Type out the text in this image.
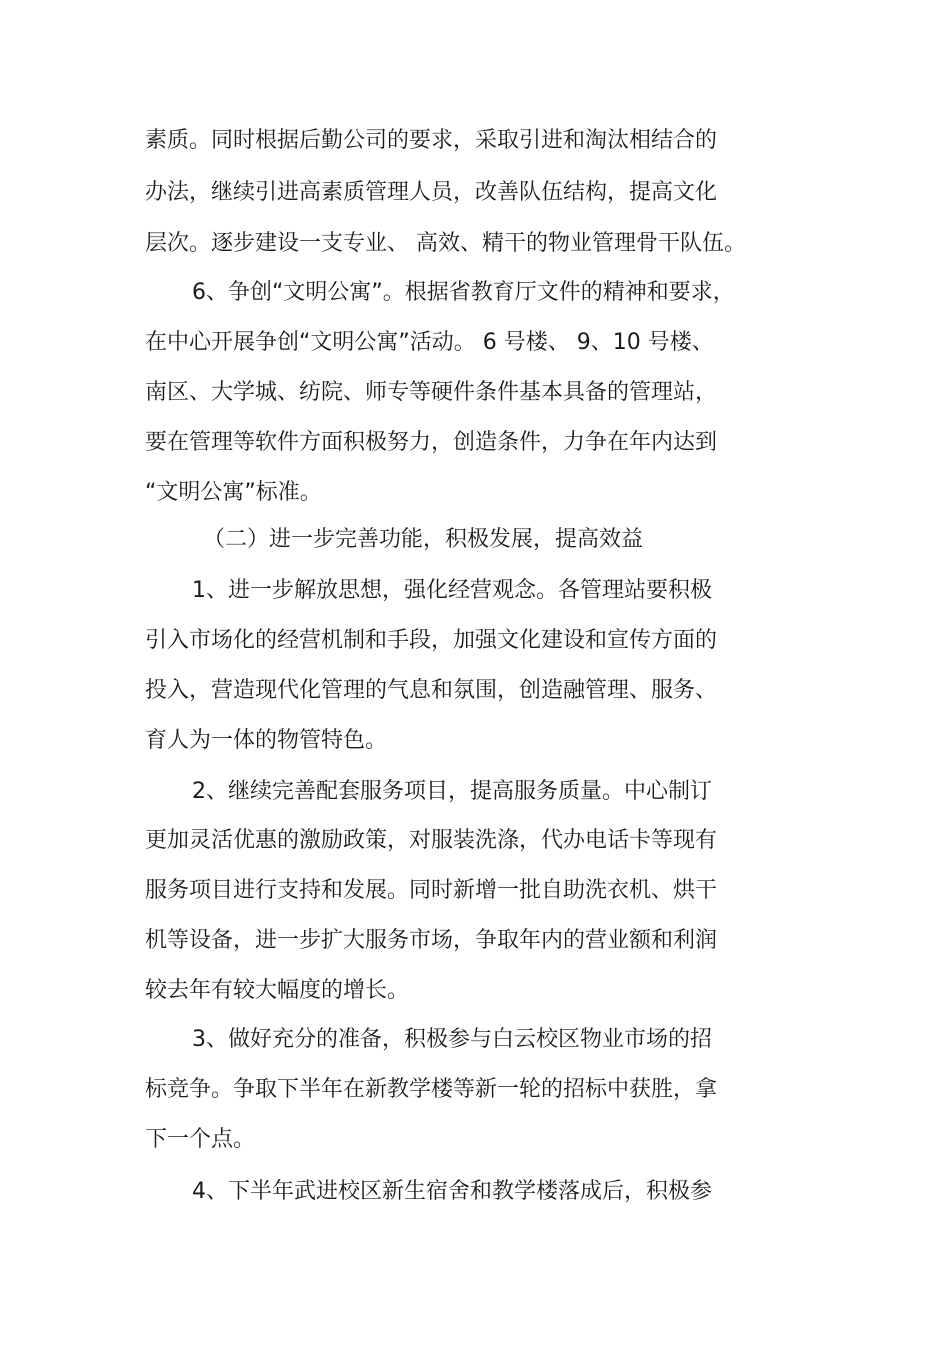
素质。同时根据后勤公司的要求，采取引进和淘汰相结合的
办法，继续引进高素质管理人员，改善队伍结构，提高文化
层次。逐步建设一支专业、 高效、精干的物业管理骨干队伍。
6、争创“文明公寓”。根据省教育厅文件的精神和要求，
在中心开展争创“文明公寓”活动。 6 号楼、 9、10 号楼、
南区、大学城、纺院、师专等硬件条件基本具备的管理站，
要在管理等软件方面积极努力，创造条件，力争在年内达到
“文明公寓”标准。
（二）进一步完善功能，积极发展，提高效益
1、进一步解放思想，强化经营观念。各管理站要积极
引入市场化的经营机制和手段，加强文化建设和宣传方面的
投入，营造现代化管理的气息和氛围，创造融管理、服务、
育人为一体的物管特色。
2、继续完善配套服务项目，提高服务质量。中心制订
更加灵活优惠的激励政策，对服装洗涤，代办电话卡等现有
服务项目进行支持和发展。同时新增一批自助洗衣机、烘干
机等设备，进一步扩大服务市场，争取年内的营业额和利润
较去年有较大幅度的增长。
3、做好充分的准备，积极参与白云校区物业市场的招
标竞争。争取下半年在新教学楼等新一轮的招标中获胜，拿
下一个点。
4、下半年武进校区新生宿舍和教学楼落成后，积极参
